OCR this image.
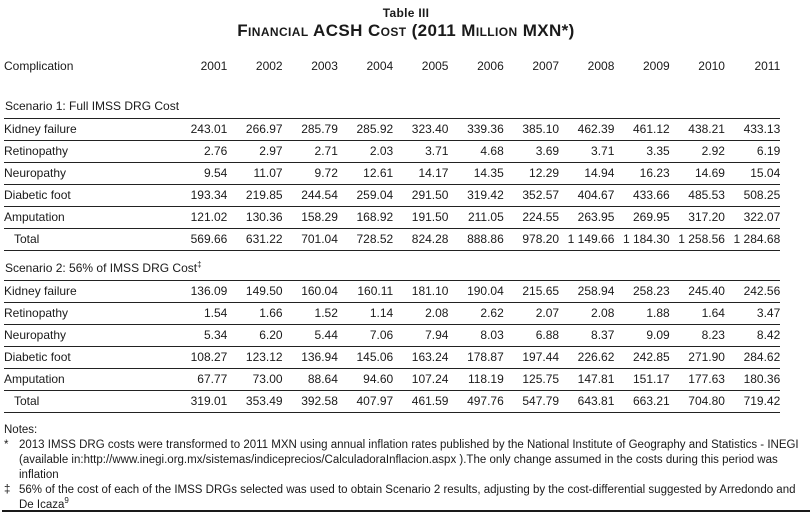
Table III
Financial ACSH Cost (2011 Million MXN*)
Complication	2001	2002	2003	2004	2005	2006	2007	2008	2009	2010	2011
Scenario 1: Full IMSS DRG Cost											
Kidney failure	243.01	266.97	285.79	285.92	323.40	339.36	385.10	462.39	461.12	438.21	433.13
Retinopathy	2.76	2.97	2.71	2.03	3.71	4.68	3.69	3.71	3.35	2.92	6.19
Neuropathy	9.54	11.07	9.72	12.61	14.17	14.35	12.29	14.94	16.23	14.69	15.04
Diabetic foot	193.34	219.85	244.54	259.04	291.50	319.42	352.57	404.67	433.66	485.53	508.25
Amputation	121.02	130.36	158.29	168.92	191.50	211.05	224.55	263.95	269.95	317.20	322.07
Total	569.66	631.22	701.04	728.52	824.28	888.86	978.20	1 149.66	1 184.30	1 258.56	1 284.68
Scenario 2: 56% of IMSS DRG Cost‡
Kidney failure	136.09	149.50	160.04	160.11	181.10	190.04	215.65	258.94	258.23	245.40	242.56
Retinopathy	1.54	1.66	1.52	1.14	2.08	2.62	2.07	2.08	1.88	1.64	3.47
Neuropathy	5.34	6.20	5.44	7.06	7.94	8.03	6.88	8.37	9.09	8.23	8.42
Diabetic foot	108.27	123.12	136.94	145.06	163.24	178.87	197.44	226.62	242.85	271.90	284.62
Amputation	67.77	73.00	88.64	94.60	107.24	118.19	125.75	147.81	151.17	177.63	180.36
Total	319.01	353.49	392.58	407.97	461.59	497.76	547.79	643.81	663.21	704.80	719.42
Notes:
* 2013 IMSS DRG costs were transformed to 2011 MXN using annual inflation rates published by the National Institute of Geography and Statistics - INEGI (available in:http://www.inegi.org.mx/sistemas/indiceprecios/CalculadoraInflacion.aspx ).The only change assumed in the costs during this period was inflation
‡ 56% of the cost of each of the IMSS DRGs selected was used to obtain Scenario 2 results, adjusting by the cost-differential suggested by Arredondo and De Icaza$^9$
